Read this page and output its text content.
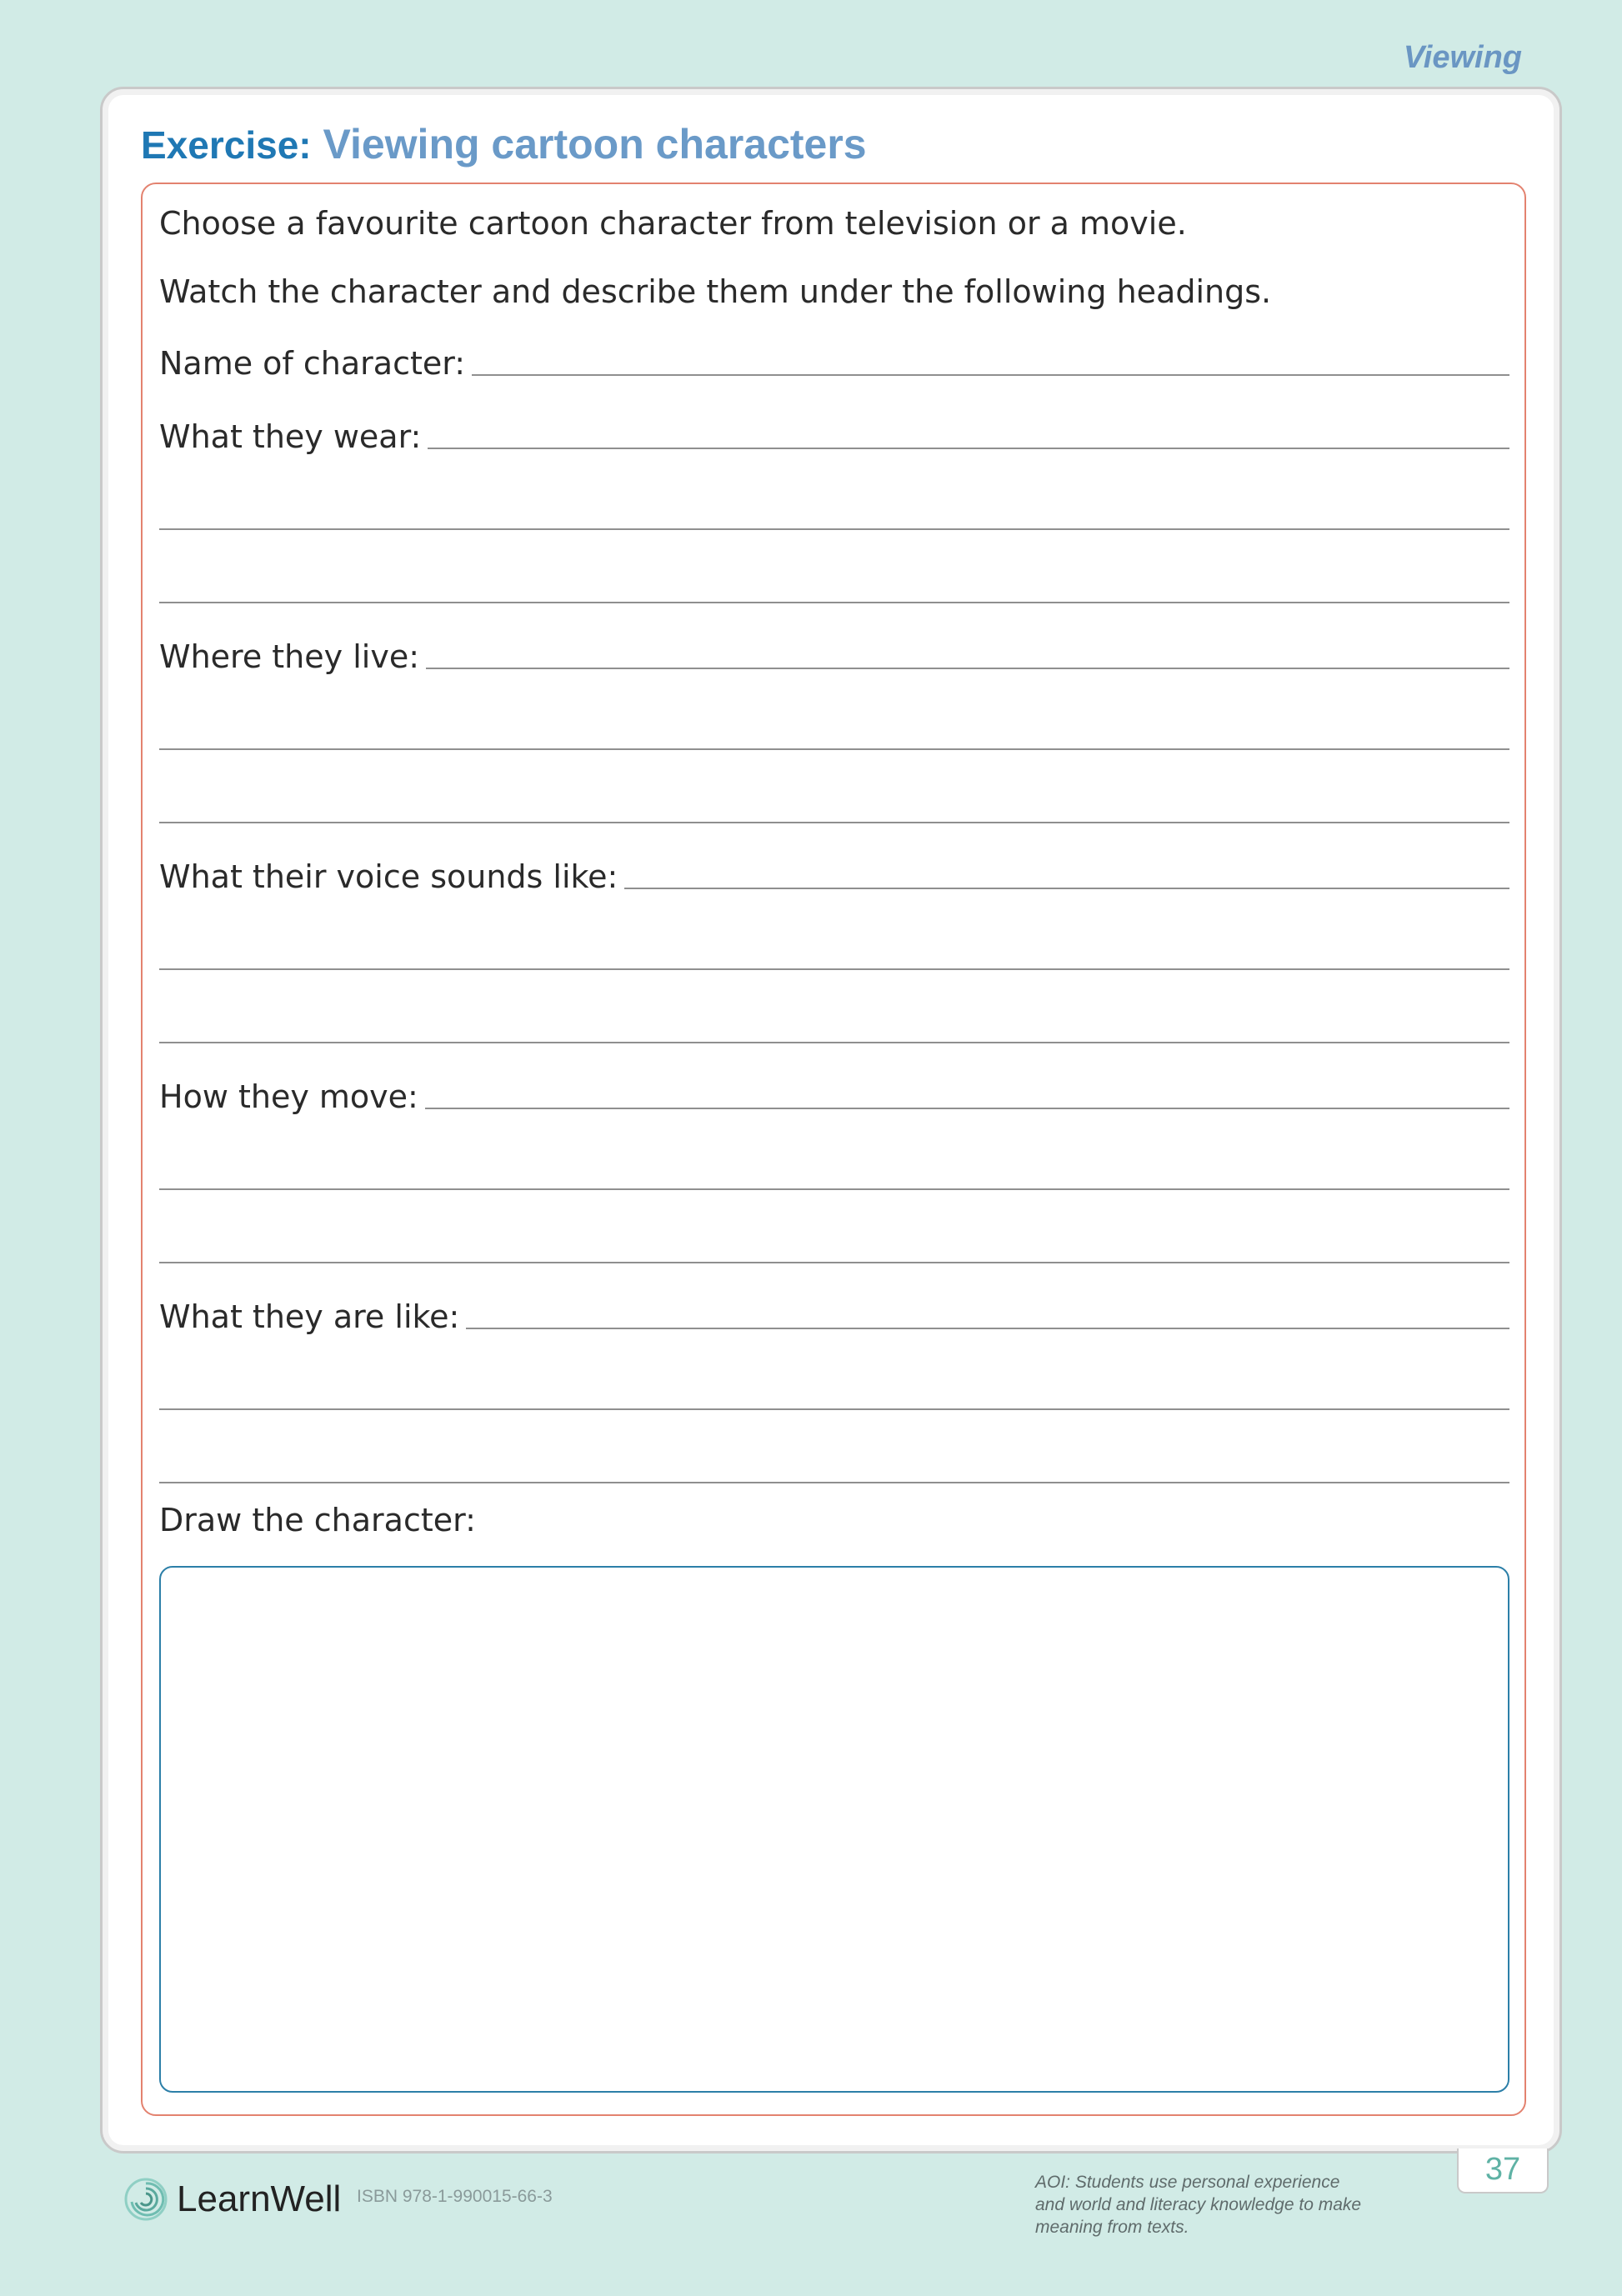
Viewing
Exercise: Viewing cartoon characters
Choose a favourite cartoon character from television or a movie.
Watch the character and describe them under the following headings.
Name of character:
What they wear:
Where they live:
What their voice sounds like:
How they move:
What they are like:
Draw the character:
37
LearnWell ISBN 978-1-990015-66-3
AOI: Students use personal experience
and world and literacy knowledge to make
meaning from texts.
